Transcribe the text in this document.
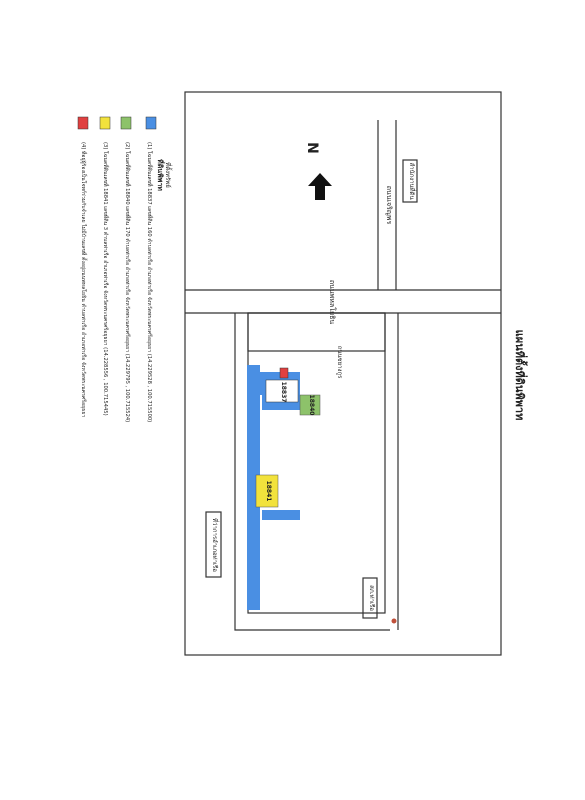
แผนที่ตั้งที่ดินพิพาท
ถนนพหลโยธิน
ถนนเจริญพร
สำนักงานที่ดิน
N
ถนนชยางกูร
18837
18840
18841
ที่ว่าการอำเภอท่าเรือ
สภ.ท่าเรือ
ที่ดินพิพาท ที่ตั้งทรัพย์
(1) โฉนดที่ดินเลขที่ 18837 เลขที่ดิน 160 ตำบลท่าเรือ อำเภอท่าเรือ จังหวัดพระนครศรีอยุธยา (14.229528 , 100.715500)
(2) โฉนดที่ดินเลขที่ 18840 เลขที่ดิน 170 ตำบลท่าเรือ อำเภอท่าเรือ จังหวัดพระนครศรีอยุธยา (14.229795 , 100.715524)
(3) โฉนดที่ดินเลขที่ 18841 เลขที่ดิน 3 ตำบลท่าเรือ อำเภอท่าเรือ จังหวัดพระนครศรีอยุธยา (14.228556 , 100.715445)
(4) ที่อยู่ผู้ร้องเป็นโจทก์ร่วมกับจำเลย ไม่มีบ้านเลขที่ ตั้งอยู่ถนนพหลโยธิน ตำบลท่าเรือ อำเภอท่าเรือ จังหวัดพระนครศรีอยุธยา
